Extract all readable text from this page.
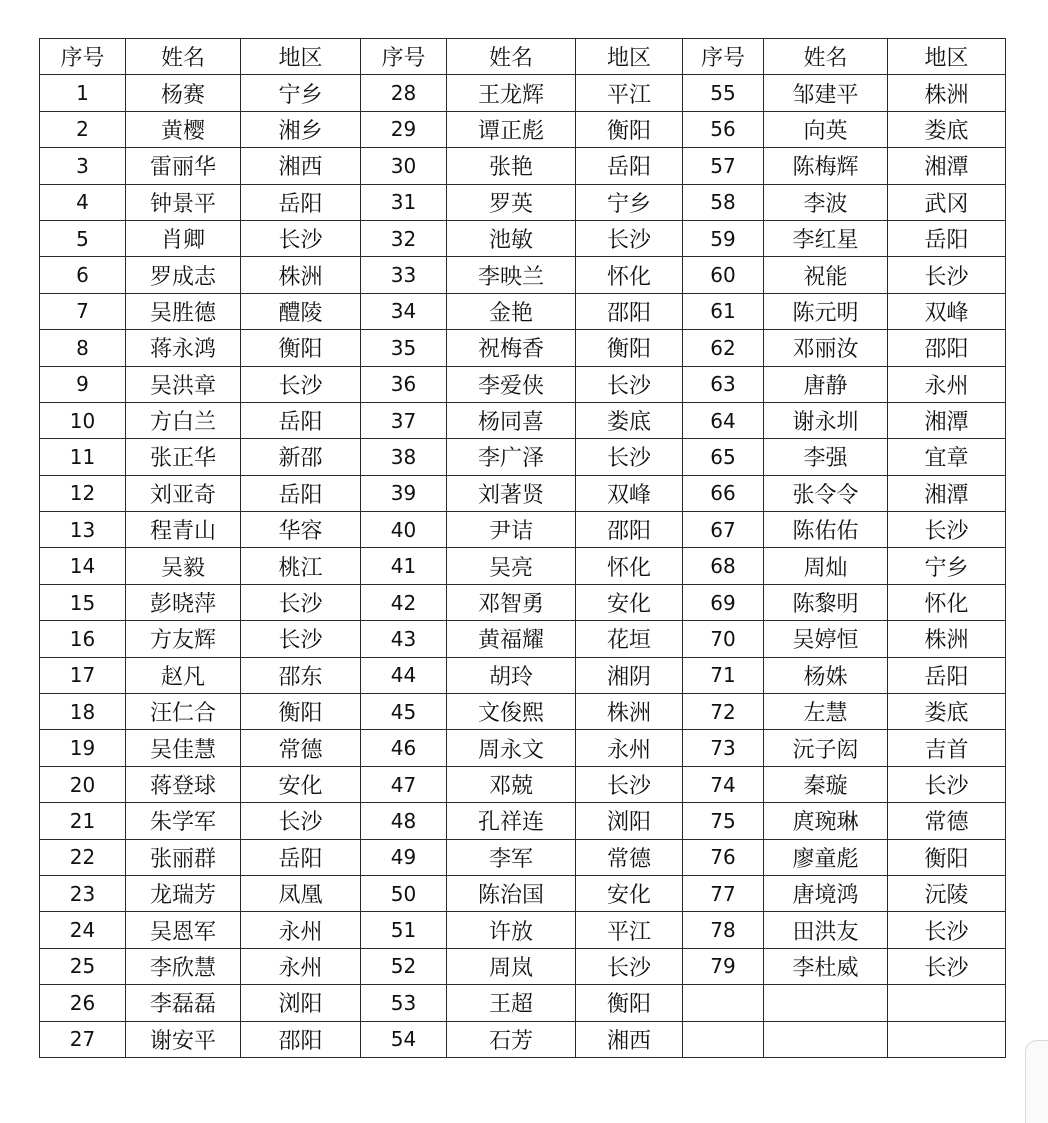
序号	姓名	地区	序号	姓名	地区	序号	姓名	地区
1	杨赛	宁乡	28	王龙辉	平江	55	邹建平	株洲
2	黄樱	湘乡	29	谭正彪	衡阳	56	向英	娄底
3	雷丽华	湘西	30	张艳	岳阳	57	陈梅辉	湘潭
4	钟景平	岳阳	31	罗英	宁乡	58	李波	武冈
5	肖卿	长沙	32	池敏	长沙	59	李红星	岳阳
6	罗成志	株洲	33	李映兰	怀化	60	祝能	长沙
7	吴胜德	醴陵	34	金艳	邵阳	61	陈元明	双峰
8	蒋永鸿	衡阳	35	祝梅香	衡阳	62	邓丽汝	邵阳
9	吴洪章	长沙	36	李爱侠	长沙	63	唐静	永州
10	方白兰	岳阳	37	杨同喜	娄底	64	谢永圳	湘潭
11	张正华	新邵	38	李广泽	长沙	65	李强	宜章
12	刘亚奇	岳阳	39	刘著贤	双峰	66	张令令	湘潭
13	程青山	华容	40	尹诘	邵阳	67	陈佑佑	长沙
14	吴毅	桃江	41	吴亮	怀化	68	周灿	宁乡
15	彭晓萍	长沙	42	邓智勇	安化	69	陈黎明	怀化
16	方友辉	长沙	43	黄福耀	花垣	70	吴婷恒	株洲
17	赵凡	邵东	44	胡玲	湘阴	71	杨姝	岳阳
18	汪仁合	衡阳	45	文俊熙	株洲	72	左慧	娄底
19	吴佳慧	常德	46	周永文	永州	73	沅子闳	吉首
20	蒋登球	安化	47	邓兢	长沙	74	秦璇	长沙
21	朱学军	长沙	48	孔祥连	浏阳	75	庹琬琳	常德
22	张丽群	岳阳	49	李军	常德	76	廖童彪	衡阳
23	龙瑞芳	凤凰	50	陈治国	安化	77	唐境鸿	沅陵
24	吴恩军	永州	51	许放	平江	78	田洪友	长沙
25	李欣慧	永州	52	周岚	长沙	79	李杜威	长沙
26	李磊磊	浏阳	53	王超	衡阳			
27	谢安平	邵阳	54	石芳	湘西			
